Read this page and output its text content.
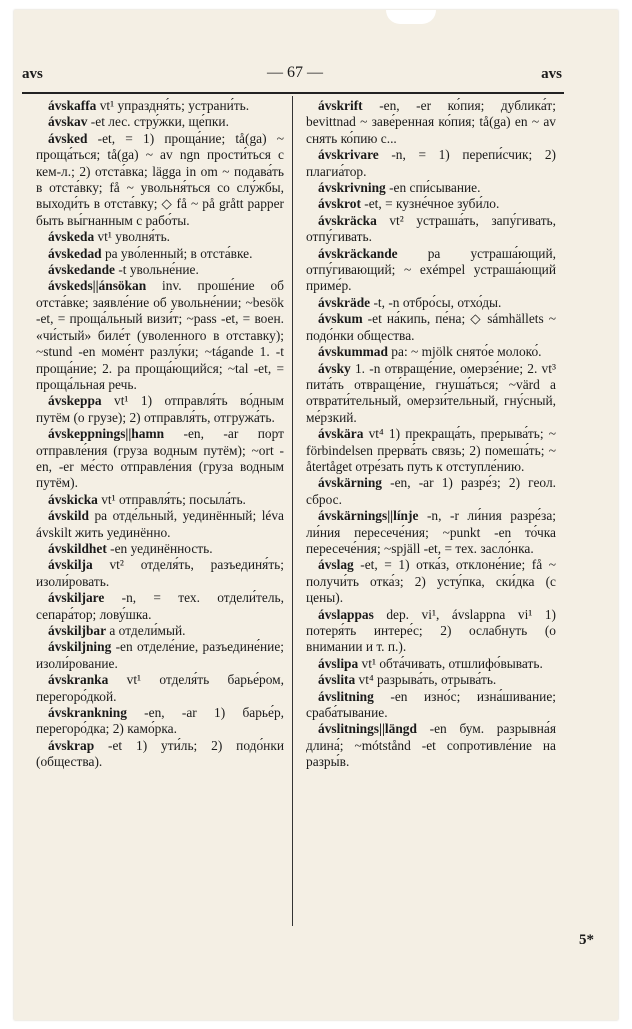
avs	— 67 —	avs

ávskaffa vt¹ упраздня́ть; устрани́ть.

ávskav -et лес. стру́жки, ще́пки.

ávsked -et, = 1) проща́ние; tå(ga) ~ проща́ться; tå(ga) ~ av ngn прости́ться с кем-л.; 2) отста́вка; lägga in om ~ подава́ть в отста́вку; få ~ увольня́ться со слу́жбы, выходи́ть в отста́вку; ◇ få ~ på grått papper быть вы́гнанным с рабо́ты.

ávskeda vt¹ уволня́ть.

ávskedad pa уво́ленный; в отста́вке.

ávskedande -t увольне́ние.

ávskeds||ánsökan inv. проше́ние об отста́вке; заявле́ние об увольне́нии; ~besök -et, = проща́льный визи́т; ~pass -et, = воен. «чи́стый» биле́т (уволенного в отставку); ~stund -en моме́нт разлу́ки; ~tágande 1. -t проща́ние; 2. pa проща́ющийся; ~tal -et, = проща́льная речь.

ávskeppa vt¹ 1) отправля́ть во́дным путём (о грузе); 2) отправля́ть, отгружа́ть.

ávskeppnings||hamn -en, -ar порт отправле́ния (груза водным путём); ~ort -en, -er ме́сто отправле́ния (груза водным путём).

ávskicka vt¹ отправля́ть; посыла́ть.

ávskild pa отде́льный, уединённый; léva ávskilt жить уединённо.

ávskildhet -en уединённость.

ávskilja vt² отделя́ть, разъединя́ть; изоли́ровать.

ávskiljare -n, = тех. отдели́тель, сепара́тор; лову́шка.

ávskiljbar a отдели́мый.

ávskiljning -en отделе́ние, разъедине́ние; изоли́рование.

ávskranka vt¹ отделя́ть барье́ром, перегоро́дкой.

ávskrankning -en, -ar 1) барье́р, перегоро́дка; 2) камо́рка.

ávskrap -et 1) ути́ль; 2) подо́нки (общества).

ávskrift -en, -er ко́пия; дублика́т; bevittnad ~ заве́ренная ко́пия; tå(ga) en ~ av снять ко́пию с...

ávskrivare -n, = 1) перепи́счик; 2) плагиа́тор.

ávskrivning -en спи́сывание.

ávskrot -et, = кузне́чное зуби́ло.

ávskräcka vt² устраша́ть, запу́гивать, отпу́гивать.

ávskräckande pa устраша́ющий, отпу́гивающий; ~ exémpel устраша́ющий приме́р.

ávskräde -t, -n отбро́сы, отхо́ды.

ávskum -et на́кипь, пе́на; ◇ sámhällets ~ подо́нки общества.

ávskummad pa: ~ mjölk снято́е молоко́.

ávsky 1. -n отвраще́ние, омерзе́ние; 2. vt³ пита́ть отвраще́ние, гнуша́ться; ~värd a отврати́тельный, омерзи́тельный, гну́сный, ме́рзкий.

ávskära vt⁴ 1) прекраща́ть, прерыва́ть; ~ förbindelsen прерва́ть связь; 2) помеша́ть; ~ återtåget отре́зать путь к отступле́нию.

ávskärning -en, -ar 1) разре́з; 2) геол. сброс.

ávskärnings||línje -n, -r ли́ния разре́за; ли́ния пересече́ния; ~punkt -en то́чка пересече́ния; ~spjäll -et, = тех. засло́нка.

ávslag -et, = 1) отка́з, отклоне́ние; få ~ получи́ть отка́з; 2) усту́пка, ски́дка (с цены).

ávslappas dep. vi¹, ávslappna vi¹ 1) потеря́ть интере́с; 2) ослабнуть (о внимании и т. п.).

ávslipa vt¹ обта́чивать, отшлифо́вывать.

ávslita vt⁴ разрыва́ть, отрыва́ть.

ávslitning -en изно́с; изна́шивание; сраба́тывание.

ávslitnings||längd -en бум. разрывна́я длина́; ~mótstånd -et сопротивле́ние на разры́в.

5*
